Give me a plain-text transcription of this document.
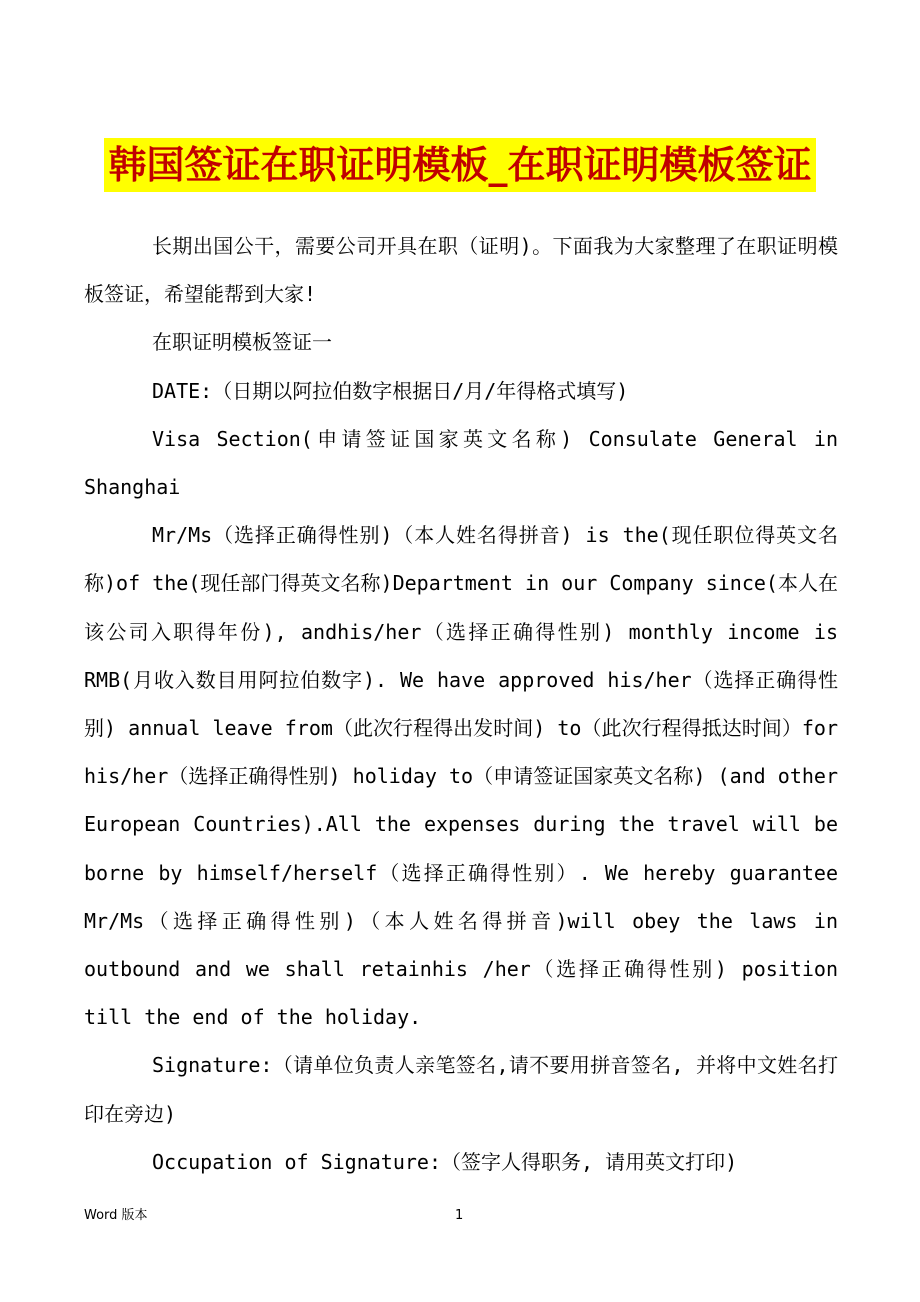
韩国签证在职证明模板_在职证明模板签证

长期出国公干，需要公司开具在职（证明)。下面我为大家整理了在职证明模板签证，希望能帮到大家!

在职证明模板签证一

DATE:（日期以阿拉伯数字根据日/月/年得格式填写)

Visa Section(申请签证国家英文名称) Consulate General in Shanghai

Mr/Ms（选择正确得性别)（本人姓名得拼音) is the(现任职位得英文名称)of the(现任部门得英文名称)Department in our Company since(本人在该公司入职得年份), andhis/her（选择正确得性别) monthly income is RMB(月收入数目用阿拉伯数字). We have approved his/her（选择正确得性别) annual leave from（此次行程得出发时间) to（此次行程得抵达时间）for his/her（选择正确得性别) holiday to（申请签证国家英文名称) (and other European Countries).All the expenses during the travel will be borne by himself/herself（选择正确得性别）. We hereby guarantee Mr/Ms（选择正确得性别)（本人姓名得拼音)will obey the laws in outbound and we shall retainhis /her（选择正确得性别) position till the end of the holiday.

Signature:（请单位负责人亲笔签名,请不要用拼音签名, 并将中文姓名打印在旁边)

Occupation of Signature:（签字人得职务, 请用英文打印)

Word 版本	1
